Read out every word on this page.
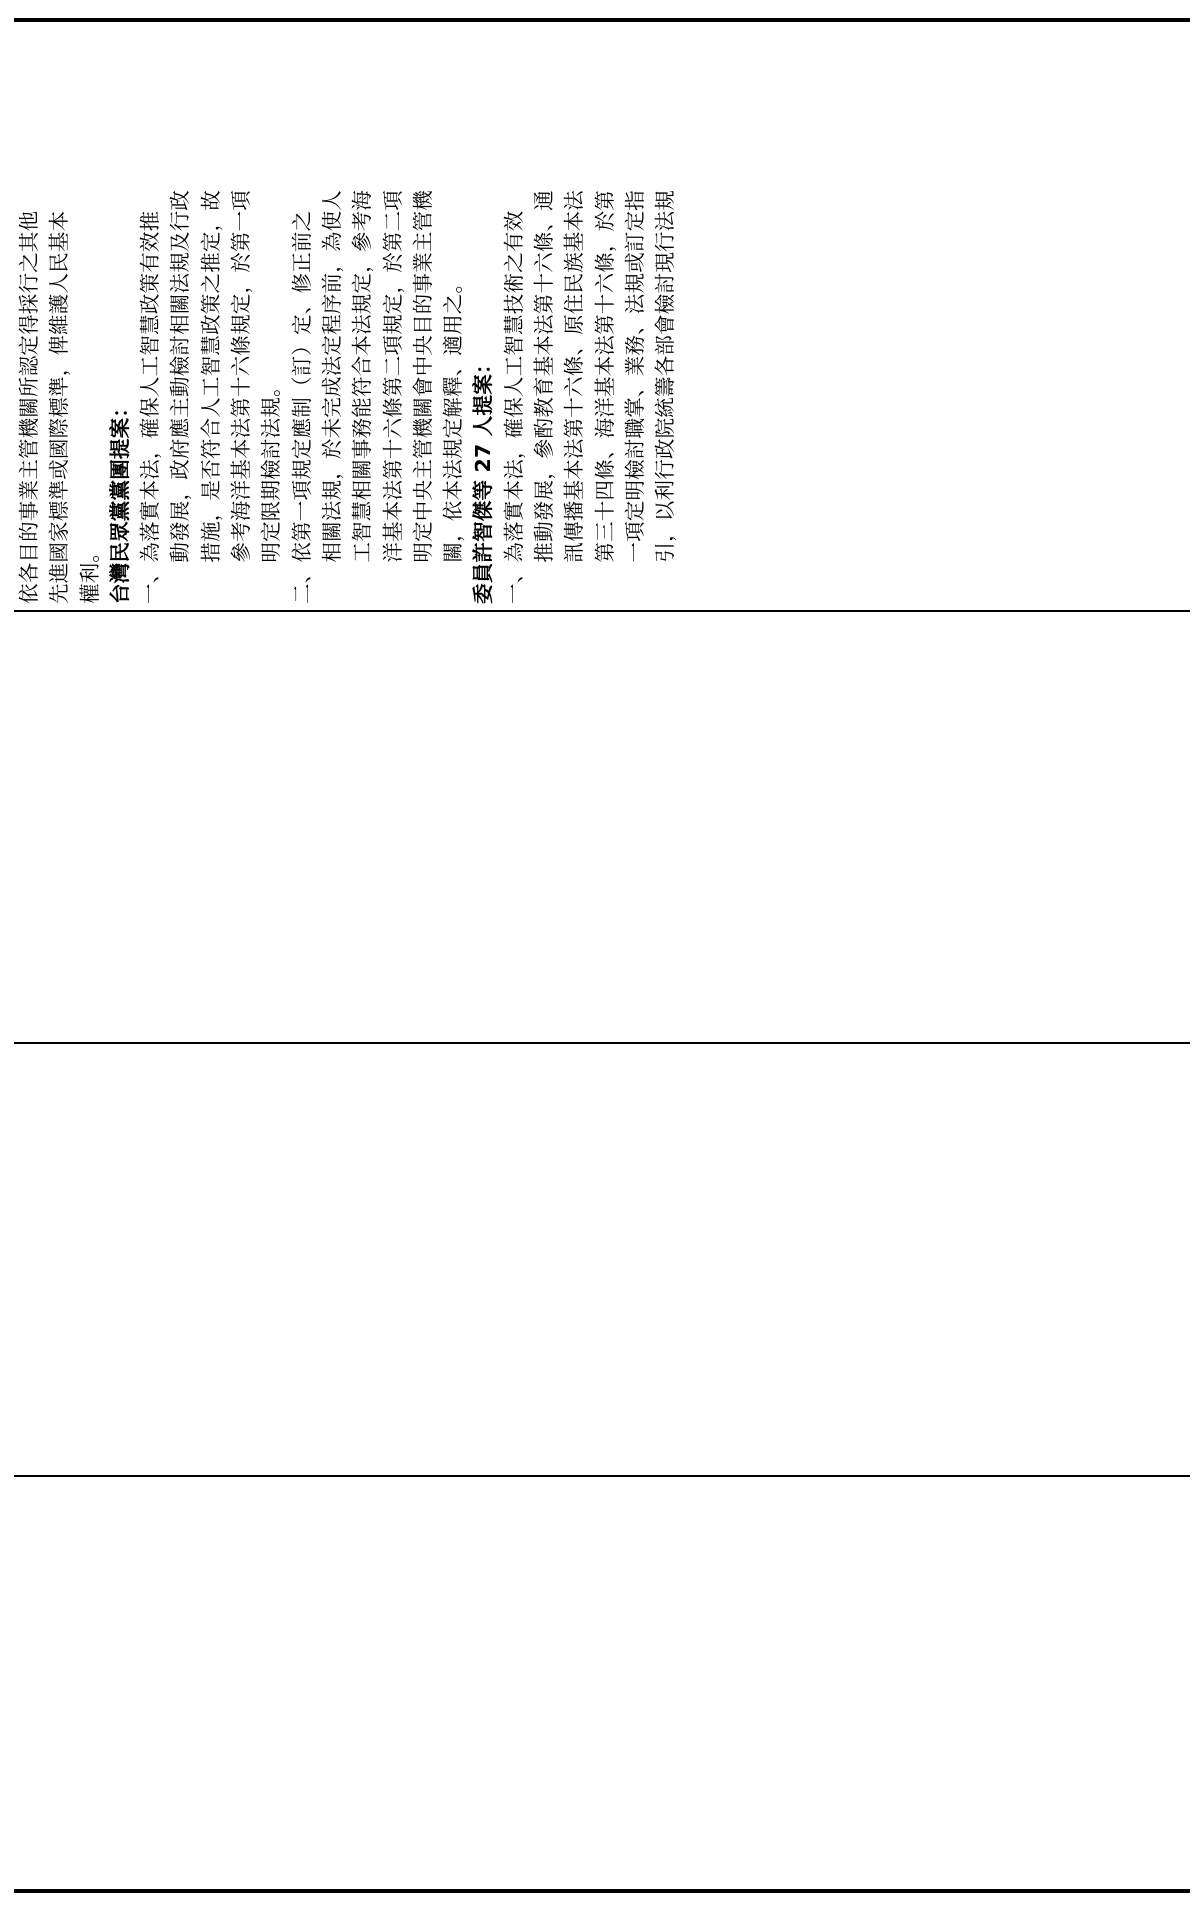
依各目的事業主管機關所認定得採行之其他 先進國家標準或國際標準，俾維護人民基本 權利。 台灣民眾黨黨團提案： 一、為落實本法，確保人工智慧政策有效推 　　動發展，政府應主動檢討相關法規及行政 　　措施，是否符合人工智慧政策之推定，故 　　參考海洋基本法第十六條規定，於第一項 　　明定限期檢討法規。 二、依第一項規定應制（訂）定、修正前之 　　相關法規，於未完成法定程序前，為使人 　　工智慧相關事務能符合本法規定，參考海 　　洋基本法第十六條第二項規定，於第二項 　　明定中央主管機關會中央目的事業主管機 　　關，依本法規定解釋、適用之。 委員許智傑等 27 人提案： 一、為落實本法，確保人工智慧技術之有效 　　推動發展，參酌教育基本法第十六條、通 　　訊傳播基本法第十六條、原住民族基本法 　　第三十四條、海洋基本法第十六條，於第 　　一項定明檢討職掌、業務、法規或訂定指 　　引，以利行政院統籌各部會檢討現行法規
